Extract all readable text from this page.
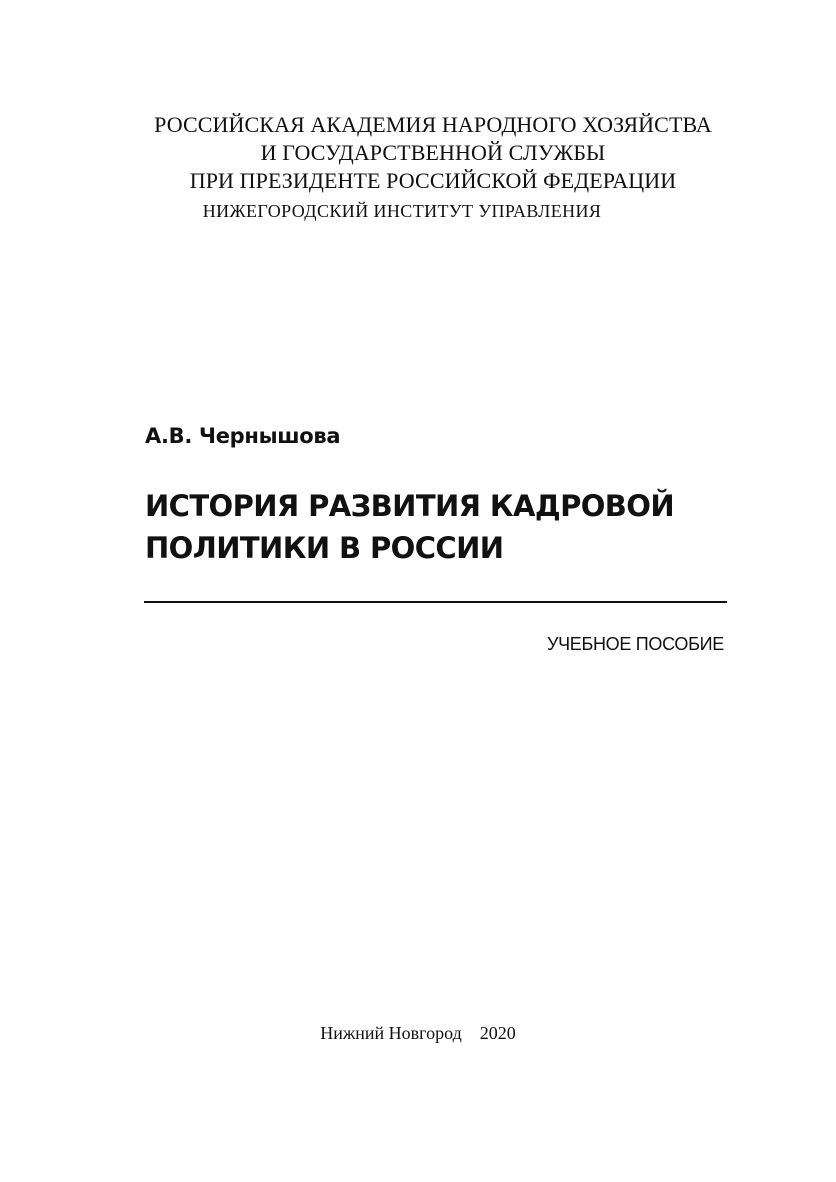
РОССИЙСКАЯ АКАДЕМИЯ НАРОДНОГО ХОЗЯЙСТВА
И ГОСУДАРСТВЕННОЙ СЛУЖБЫ
ПРИ ПРЕЗИДЕНТЕ РОССИЙСКОЙ ФЕДЕРАЦИИ
НИЖЕГОРОДСКИЙ ИНСТИТУТ УПРАВЛЕНИЯ
А.В. Чернышова
ИСТОРИЯ РАЗВИТИЯ КАДРОВОЙ
ПОЛИТИКИ В РОССИИ
УЧЕБНОЕ ПОСОБИЕ
Нижний Новгород 2020
